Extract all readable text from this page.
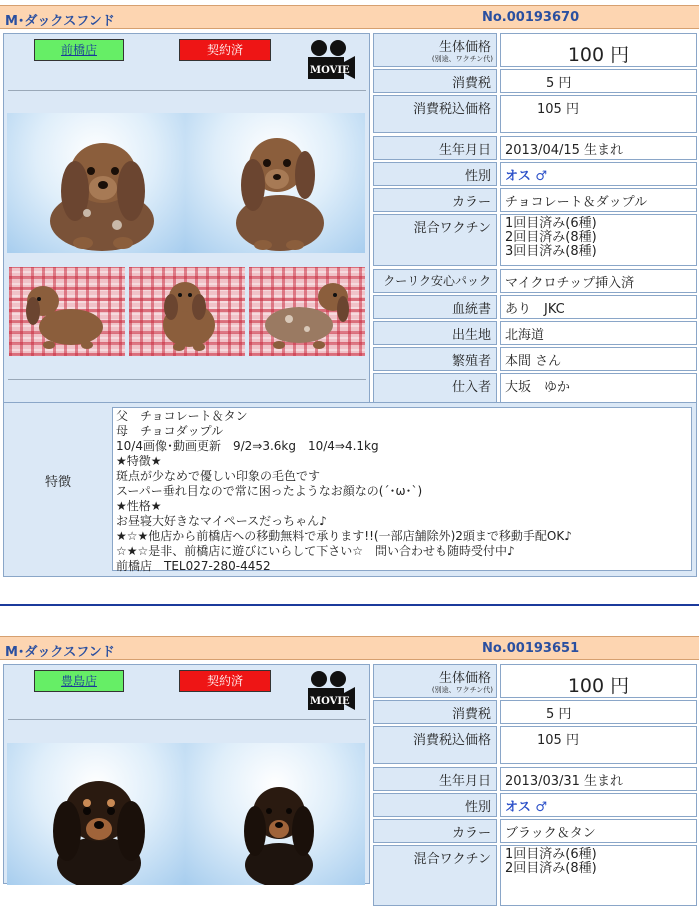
M･ダックスフンド	No.00193670
前橋店	契約済
MOVIE
生体価格
(別途、ワクチン代)	100 円
消費税	5 円
消費税込価格	105 円
生年月日	2013/04/15 生まれ
性別	オス ♂
カラー	チョコレート＆ダップル
混合ワクチン	1回目済み(6種)
2回目済み(8種)
3回目済み(8種)
クーリク安心パック	マイクロチップ挿入済
血統書	あり　JKC
出生地	北海道
繁殖者	本間 さん
仕入者	大坂　ゆか
特徴
父　チョコレート＆タン
母　チョコダップル
10/4画像･動画更新　9/2⇒3.6kg　10/4⇒4.1kg
★特徴★
斑点が少なめで優しい印象の毛色です
スーパー垂れ目なので常に困ったようなお顔なの(´･ω･`)
★性格★
お昼寝大好きなマイペースだっちゃん♪
★☆★他店から前橋店への移動無料で承ります!!(一部店舗除外)2頭まで移動手配OK♪
☆★☆是非、前橋店に遊びにいらして下さい☆　問い合わせも随時受付中♪
前橋店　TEL027-280-4452
M･ダックスフンド	No.00193651
豊島店	契約済
MOVIE
生体価格
(別途、ワクチン代)	100 円
消費税	5 円
消費税込価格	105 円
生年月日	2013/03/31 生まれ
性別	オス ♂
カラー	ブラック＆タン
混合ワクチン	1回目済み(6種)
2回目済み(8種)
